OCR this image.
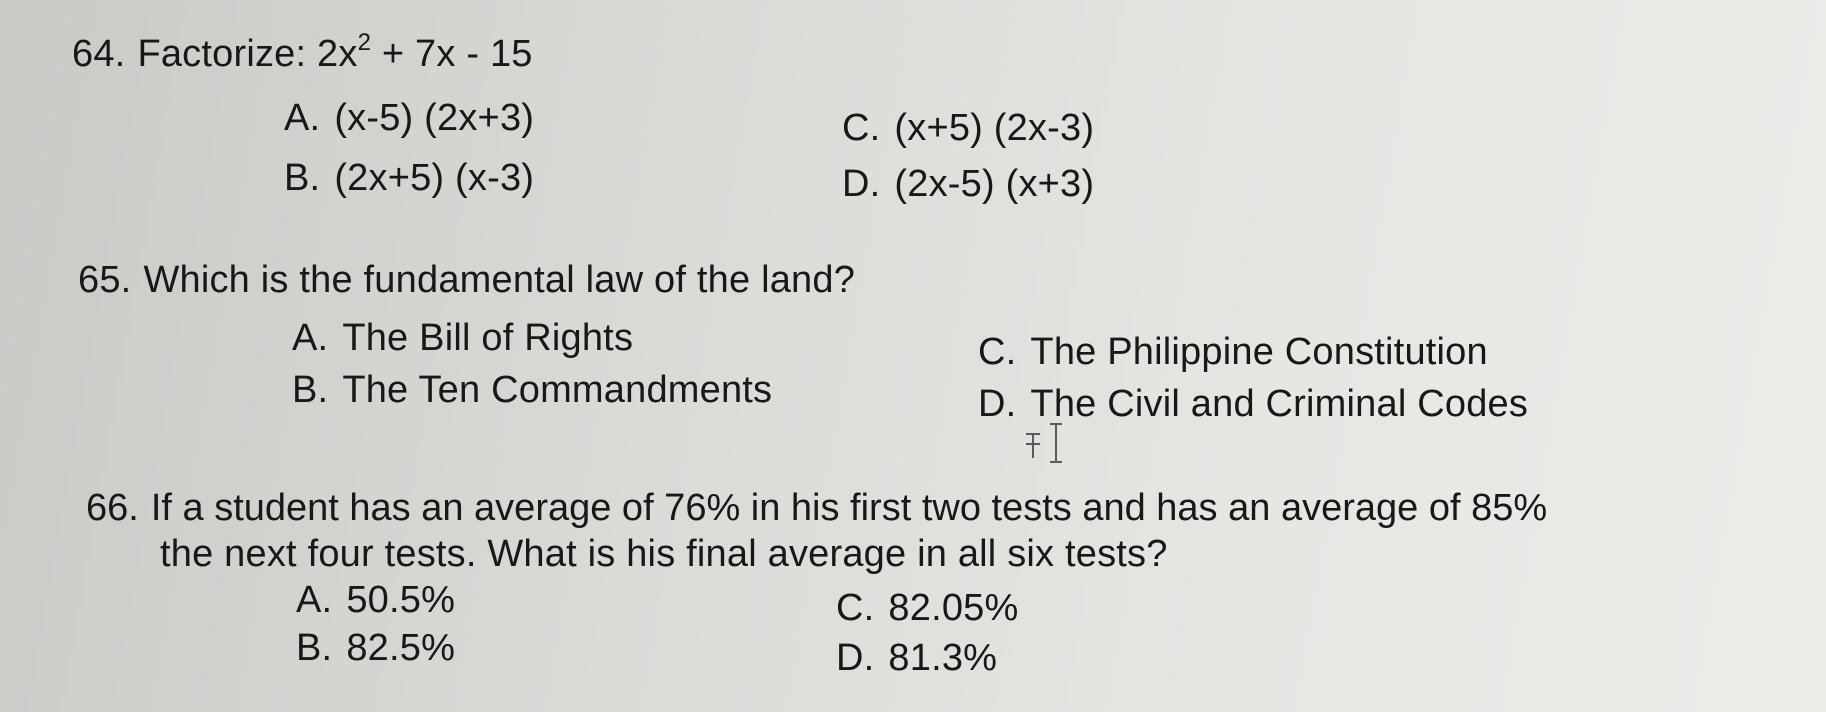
64. Factorize: $2x^2 + 7x - 15$
A. (x-5) (2x+3)
B. (2x+5) (x-3)
C. (x+5) (2x-3)
D. (2x-5) (x+3)
65. Which is the fundamental law of the land?
A. The Bill of Rights
B. The Ten Commandments
C. The Philippine Constitution
D. The Civil and Criminal Codes
66. If a student has an average of 76% in his first two tests and has an average of 85%
the next four tests. What is his final average in all six tests?
A. 50.5%
B. 82.5%
C. 82.05%
D. 81.3%
